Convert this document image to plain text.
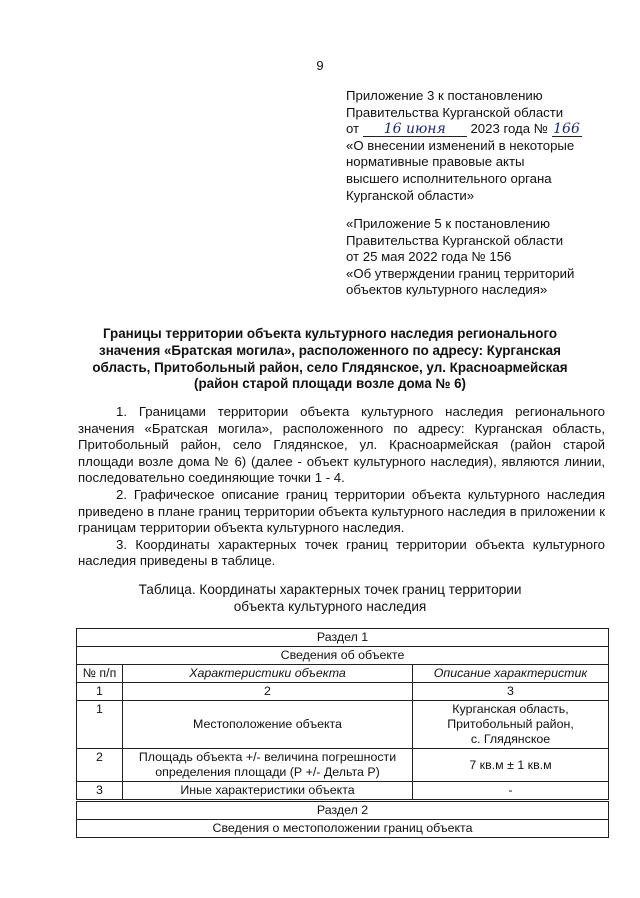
9
Приложение 3 к постановлению
Правительства Курганской области
от 16 июня 2023 года № 166
«О внесении изменений в некоторые
нормативные правовые акты
высшего исполнительного органа
Курганской области»
«Приложение 5 к постановлению
Правительства Курганской области
от 25 мая 2022 года № 156
«Об утверждении границ территорий
объектов культурного наследия»
Границы территории объекта культурного наследия регионального
значения «Братская могила», расположенного по адресу: Курганская
область, Притобольный район, село Глядянское, ул. Красноармейская
(район старой площади возле дома № 6)

1. Границами территории объекта культурного наследия регионального значения «Братская могила», расположенного по адресу: Курганская область, Притобольный район, село Глядянское, ул. Красноармейская (район старой площади возле дома № 6) (далее - объект культурного наследия), являются линии, последовательно соединяющие точки 1 - 4.

2. Графическое описание границ территории объекта культурного наследия приведено в плане границ территории объекта культурного наследия в приложении к границам территории объекта культурного наследия.

3. Координаты характерных точек границ территории объекта культурного наследия приведены в таблице.

Таблица. Координаты характерных точек границ территории
объекта культурного наследия
Раздел 1		
Сведения об объекте		
№ п/п	Характеристики объекта	Описание характеристик
1	2	3
1	Местоположение объекта	Курганская область,
Притобольный район,
с. Глядянское

2	Площадь объекта +/- величина погрешности
определения площади (Р +/- Дельта Р)	7 кв.м ± 1 кв.м
3	Иные характеристики объекта	-
Раздел 2		
Сведения о местоположении границ объекта		
